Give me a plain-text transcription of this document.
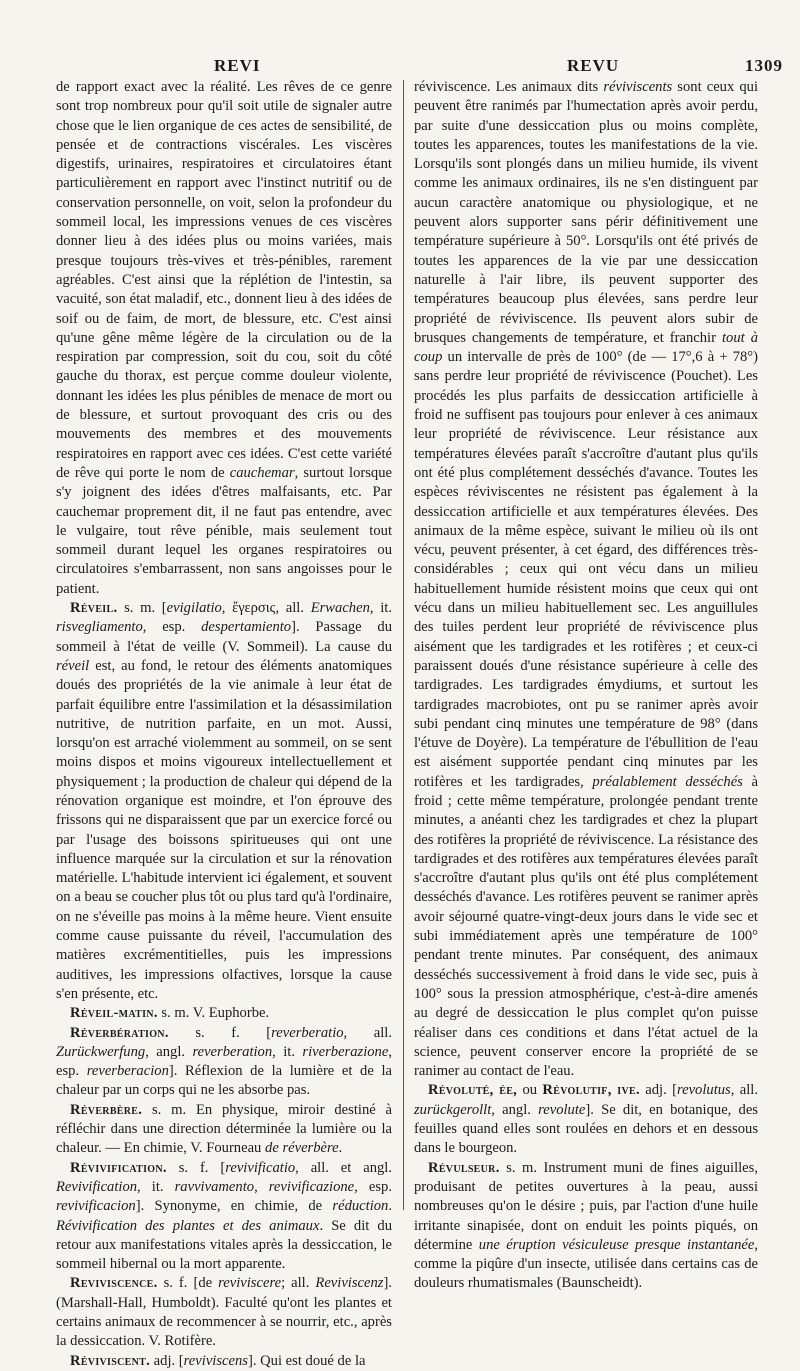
REVI	REVU	1309

de rapport exact avec la réalité. Les rêves de ce genre sont trop nombreux pour qu'il soit utile de signaler autre chose que le lien organique de ces actes de sensibilité, de pensée et de contractions viscérales. Les viscères digestifs, urinaires, respiratoires et circulatoires étant particulièrement en rapport avec l'instinct nutritif ou de conservation personnelle, on voit, selon la profondeur du sommeil local, les impressions venues de ces viscères donner lieu à des idées plus ou moins variées, mais presque toujours très-vives et très-pénibles, rarement agréables. C'est ainsi que la réplétion de l'intestin, sa vacuité, son état maladif, etc., donnent lieu à des idées de soif ou de faim, de mort, de blessure, etc. C'est ainsi qu'une gêne même légère de la circulation ou de la respiration par compression, soit du cou, soit du côté gauche du thorax, est perçue comme douleur violente, donnant les idées les plus pénibles de menace de mort ou de blessure, et surtout provoquant des cris ou des mouvements des membres et des mouvements respiratoires en rapport avec ces idées. C'est cette variété de rêve qui porte le nom de cauchemar, surtout lorsque s'y joignent des idées d'êtres malfaisants, etc. Par cauchemar proprement dit, il ne faut pas entendre, avec le vulgaire, tout rêve pénible, mais seulement tout sommeil durant lequel les organes respiratoires ou circulatoires s'embarrassent, non sans angoisses pour le patient.

Réveil. s. m. [evigilatio, ἔγερσις, all. Erwachen, it. risvegliamento, esp. despertamiento]. Passage du sommeil à l'état de veille (V. Sommeil). La cause du réveil est, au fond, le retour des éléments anatomiques doués des propriétés de la vie animale à leur état de parfait équilibre entre l'assimilation et la désassimilation nutritive, de nutrition parfaite, en un mot. Aussi, lorsqu'on est arraché violemment au sommeil, on se sent moins dispos et moins vigoureux intellectuellement et physiquement ; la production de chaleur qui dépend de la rénovation organique est moindre, et l'on éprouve des frissons qui ne disparaissent que par un exercice forcé ou par l'usage des boissons spiritueuses qui ont une influence marquée sur la circulation et sur la rénovation matérielle. L'habitude intervient ici également, et souvent on a beau se coucher plus tôt ou plus tard qu'à l'ordinaire, on ne s'éveille pas moins à la même heure. Vient ensuite comme cause puissante du réveil, l'accumulation des matières excrémentitielles, puis les impressions auditives, les impressions olfactives, lorsque la cause s'en présente, etc.

Réveil-matin. s. m. V. Euphorbe.

Réverbération. s. f. [reverberatio, all. Zurückwerfung, angl. reverberation, it. riverberazione, esp. reverberacion]. Réflexion de la lumière et de la chaleur par un corps qui ne les absorbe pas.

Réverbère. s. m. En physique, miroir destiné à réfléchir dans une direction déterminée la lumière ou la chaleur. — En chimie, V. Fourneau de réverbère.

Révivification. s. f. [revivificatio, all. et angl. Revivification, it. ravvivamento, revivificazione, esp. revivificacion]. Synonyme, en chimie, de réduction. Révivification des plantes et des animaux. Se dit du retour aux manifestations vitales après la dessiccation, le sommeil hibernal ou la mort apparente.

Reviviscence. s. f. [de reviviscere; all. Reviviscenz]. (Marshall-Hall, Humboldt). Faculté qu'ont les plantes et certains animaux de recommencer à se nourrir, etc., après la dessiccation. V. Rotifère.

Réviviscent. adj. [reviviscens]. Qui est doué de la

réviviscence. Les animaux dits réviviscents sont ceux qui peuvent être ranimés par l'humectation après avoir perdu, par suite d'une dessiccation plus ou moins complète, toutes les apparences, toutes les manifestations de la vie. Lorsqu'ils sont plongés dans un milieu humide, ils vivent comme les animaux ordinaires, ils ne s'en distinguent par aucun caractère anatomique ou physiologique, et ne peuvent alors supporter sans périr définitivement une température supérieure à 50°. Lorsqu'ils ont été privés de toutes les apparences de la vie par une dessiccation naturelle à l'air libre, ils peuvent supporter des températures beaucoup plus élevées, sans perdre leur propriété de réviviscence. Ils peuvent alors subir de brusques changements de température, et franchir tout à coup un intervalle de près de 100° (de — 17°,6 à + 78°) sans perdre leur propriété de réviviscence (Pouchet). Les procédés les plus parfaits de dessiccation artificielle à froid ne suffisent pas toujours pour enlever à ces animaux leur propriété de réviviscence. Leur résistance aux températures élevées paraît s'accroître d'autant plus qu'ils ont été plus complétement desséchés d'avance. Toutes les espèces réviviscentes ne résistent pas également à la dessiccation artificielle et aux températures élevées. Des animaux de la même espèce, suivant le milieu où ils ont vécu, peuvent présenter, à cet égard, des différences très-considérables ; ceux qui ont vécu dans un milieu habituellement humide résistent moins que ceux qui ont vécu dans un milieu habituellement sec. Les anguillules des tuiles perdent leur propriété de réviviscence plus aisément que les tardigrades et les rotifères ; et ceux-ci paraissent doués d'une résistance supérieure à celle des tardigrades. Les tardigrades émydiums, et surtout les tardigrades macrobiotes, ont pu se ranimer après avoir subi pendant cinq minutes une température de 98° (dans l'étuve de Doyère). La température de l'ébullition de l'eau est aisément supportée pendant cinq minutes par les rotifères et les tardigrades, préalablement desséchés à froid ; cette même température, prolongée pendant trente minutes, a anéanti chez les tardigrades et chez la plupart des rotifères la propriété de réviviscence. La résistance des tardigrades et des rotifères aux températures élevées paraît s'accroître d'autant plus qu'ils ont été plus complétement desséchés d'avance. Les rotifères peuvent se ranimer après avoir séjourné quatre-vingt-deux jours dans le vide sec et subi immédiatement après une température de 100° pendant trente minutes. Par conséquent, des animaux desséchés successivement à froid dans le vide sec, puis à 100° sous la pression atmosphérique, c'est-à-dire amenés au degré de dessiccation le plus complet qu'on puisse réaliser dans ces conditions et dans l'état actuel de la science, peuvent conserver encore la propriété de se ranimer au contact de l'eau.

Révoluté, ée, ou Révolutif, ive. adj. [revolutus, all. zurückgerollt, angl. revolute]. Se dit, en botanique, des feuilles quand elles sont roulées en dehors et en dessous dans le bourgeon.

Révulseur. s. m. Instrument muni de fines aiguilles, produisant de petites ouvertures à la peau, aussi nombreuses qu'on le désire ; puis, par l'action d'une huile irritante sinapisée, dont on enduit les points piqués, on détermine une éruption vésiculeuse presque instantanée, comme la piqûre d'un insecte, utilisée dans certains cas de douleurs rhumatismales (Baunscheidt).
